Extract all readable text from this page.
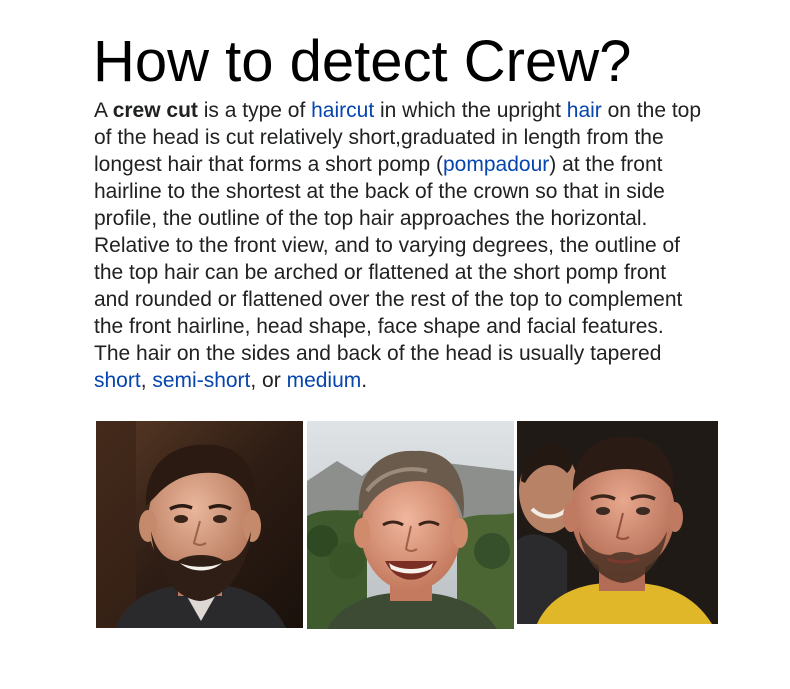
How to detect Crew?

A crew cut is a type of haircut in which the upright hair on the top of the head is cut relatively short,graduated in length from the longest hair that forms a short pomp (pompadour) at the front hairline to the shortest at the back of the crown so that in side profile, the outline of the top hair approaches the horizontal. Relative to the front view, and to varying degrees, the outline of the top hair can be arched or flattened at the short pomp front and rounded or flattened over the rest of the top to complement the front hairline, head shape, face shape and facial features. The hair on the sides and back of the head is usually tapered short, semi-short, or medium.
